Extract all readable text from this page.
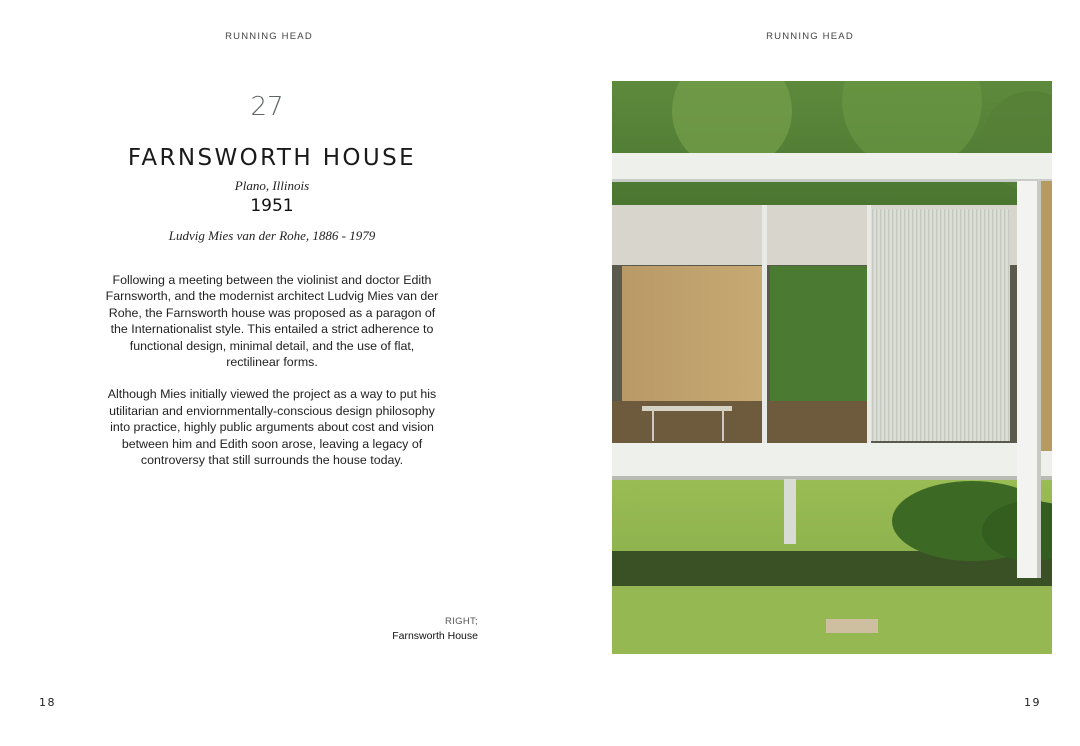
RUNNING HEAD
27
FARNSWORTH HOUSE
Plano, Illinois
1951
Ludvig Mies van der Rohe, 1886 - 1979

Following a meeting between the violinist and doctor Edith Farnsworth, and the modernist architect Ludvig Mies van der Rohe, the Farnsworth house was proposed as a paragon of the Internationalist style. This entailed a strict adherence to functional design, minimal detail, and the use of flat, rectilinear forms.

Although Mies initially viewed the project as a way to put his utilitarian and enviornmentally-conscious design philosophy into practice, highly public arguments about cost and vision between him and Edith soon arose, leaving a legacy of controversy that still surrounds the house today.

RIGHT;
Farnsworth House
18
RUNNING HEAD
19
